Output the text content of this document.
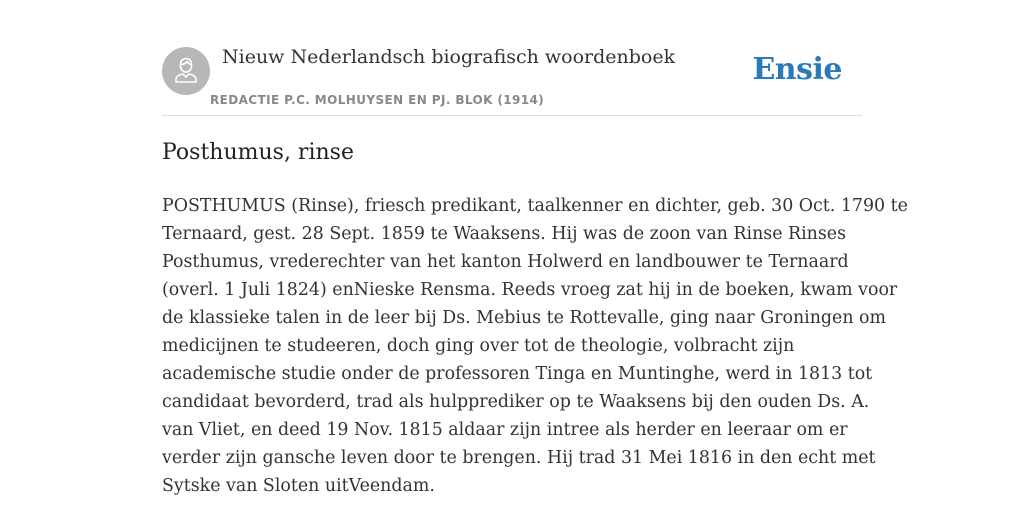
Nieuw Nederlandsch biografisch woordenboek
REDACTIE P.C. MOLHUYSEN EN PJ. BLOK (1914)
Ensie
Posthumus, rinse

POSTHUMUS (Rinse), friesch predikant, taalkenner en dichter, geb. 30 Oct. 1790 te
Ternaard, gest. 28 Sept. 1859 te Waaksens. Hij was de zoon van Rinse Rinses
Posthumus, vrederechter van het kanton Holwerd en landbouwer te Ternaard
(overl. 1 Juli 1824) enNieske Rensma. Reeds vroeg zat hij in de boeken, kwam voor
de klassieke talen in de leer bij Ds. Mebius te Rottevalle, ging naar Groningen om
medicijnen te studeeren, doch ging over tot de theologie, volbracht zijn
academische studie onder de professoren Tinga en Muntinghe, werd in 1813 tot
candidaat bevorderd, trad als hulpprediker op te Waaksens bij den ouden Ds. A.
van Vliet, en deed 19 Nov. 1815 aldaar zijn intree als herder en leeraar om er
verder zijn gansche leven door te brengen. Hij trad 31 Mei 1816 in den echt met
Sytske van Sloten uitVeendam.
